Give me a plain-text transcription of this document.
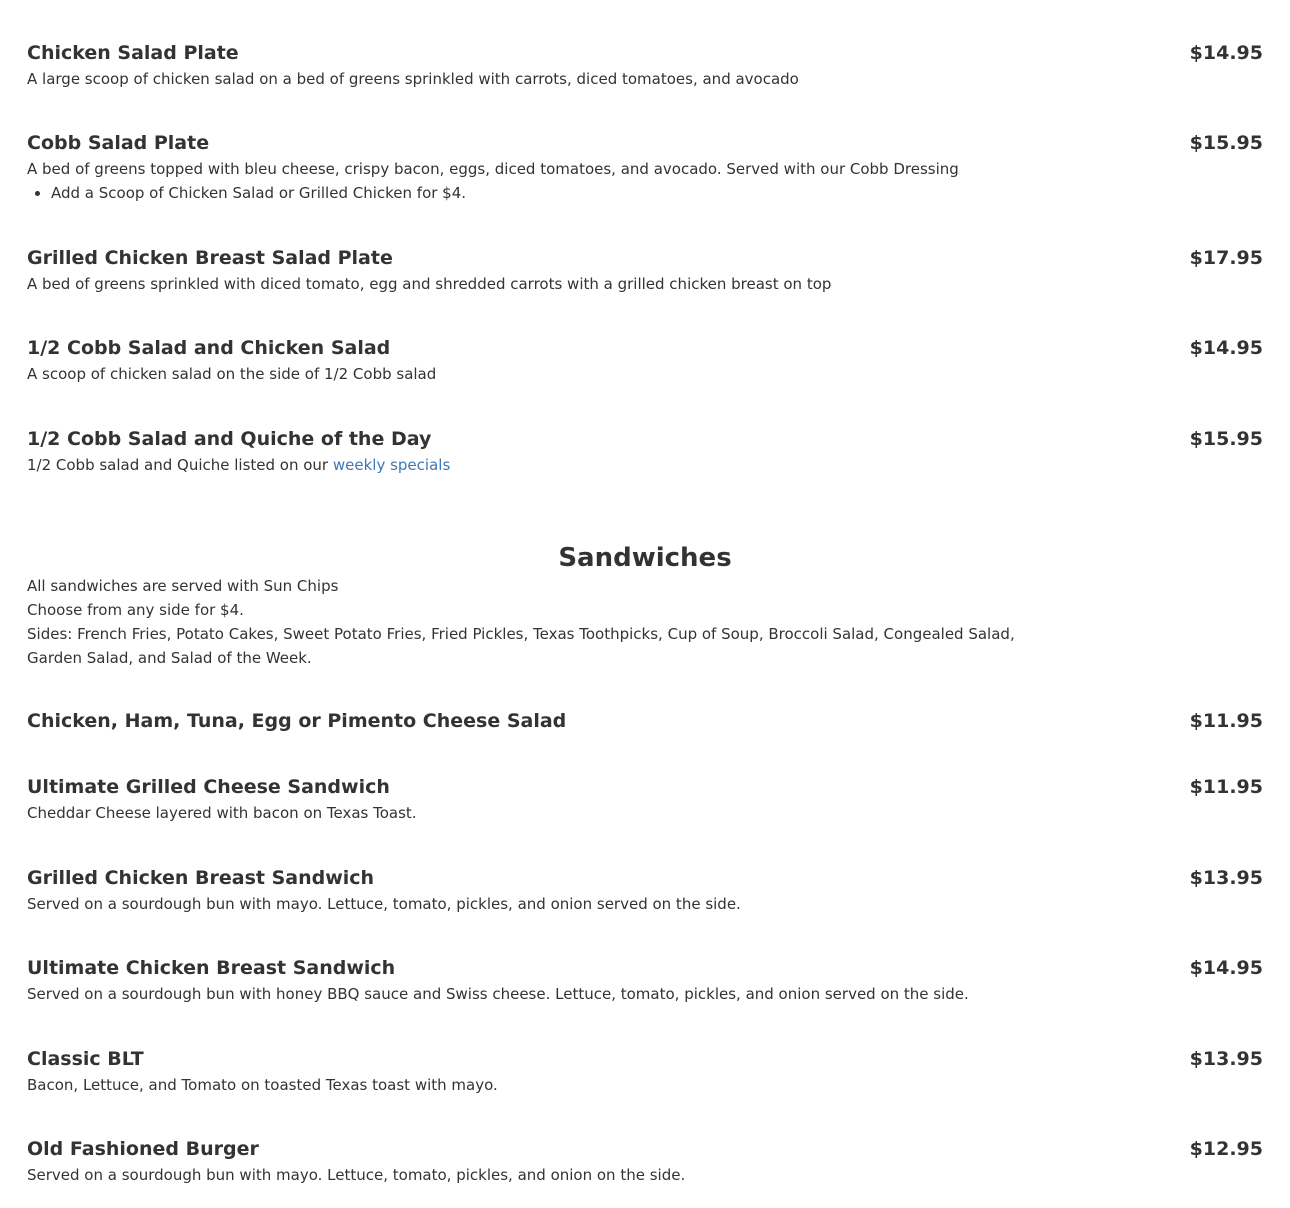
Chicken Salad Plate	$14.95
A large scoop of chicken salad on a bed of greens sprinkled with carrots, diced tomatoes, and avocado
Cobb Salad Plate	$15.95
A bed of greens topped with bleu cheese, crispy bacon, eggs, diced tomatoes, and avocado. Served with our Cobb Dressing
• Add a Scoop of Chicken Salad or Grilled Chicken for $4.
Grilled Chicken Breast Salad Plate	$17.95
A bed of greens sprinkled with diced tomato, egg and shredded carrots with a grilled chicken breast on top
1/2 Cobb Salad and Chicken Salad	$14.95
A scoop of chicken salad on the side of 1/2 Cobb salad
1/2 Cobb Salad and Quiche of the Day	$15.95
1/2 Cobb salad and Quiche listed on our weekly specials
Sandwiches

All sandwiches are served with Sun Chips

Choose from any side for $4.

Sides: French Fries, Potato Cakes, Sweet Potato Fries, Fried Pickles, Texas Toothpicks, Cup of Soup, Broccoli Salad, Congealed Salad, Garden Salad, and Salad of the Week.

Chicken, Ham, Tuna, Egg or Pimento Cheese Salad	$11.95
Ultimate Grilled Cheese Sandwich	$11.95
Cheddar Cheese layered with bacon on Texas Toast.
Grilled Chicken Breast Sandwich	$13.95
Served on a sourdough bun with mayo. Lettuce, tomato, pickles, and onion served on the side.
Ultimate Chicken Breast Sandwich	$14.95
Served on a sourdough bun with honey BBQ sauce and Swiss cheese. Lettuce, tomato, pickles, and onion served on the side.
Classic BLT	$13.95
Bacon, Lettuce, and Tomato on toasted Texas toast with mayo.
Old Fashioned Burger	$12.95
Served on a sourdough bun with mayo. Lettuce, tomato, pickles, and onion on the side.
